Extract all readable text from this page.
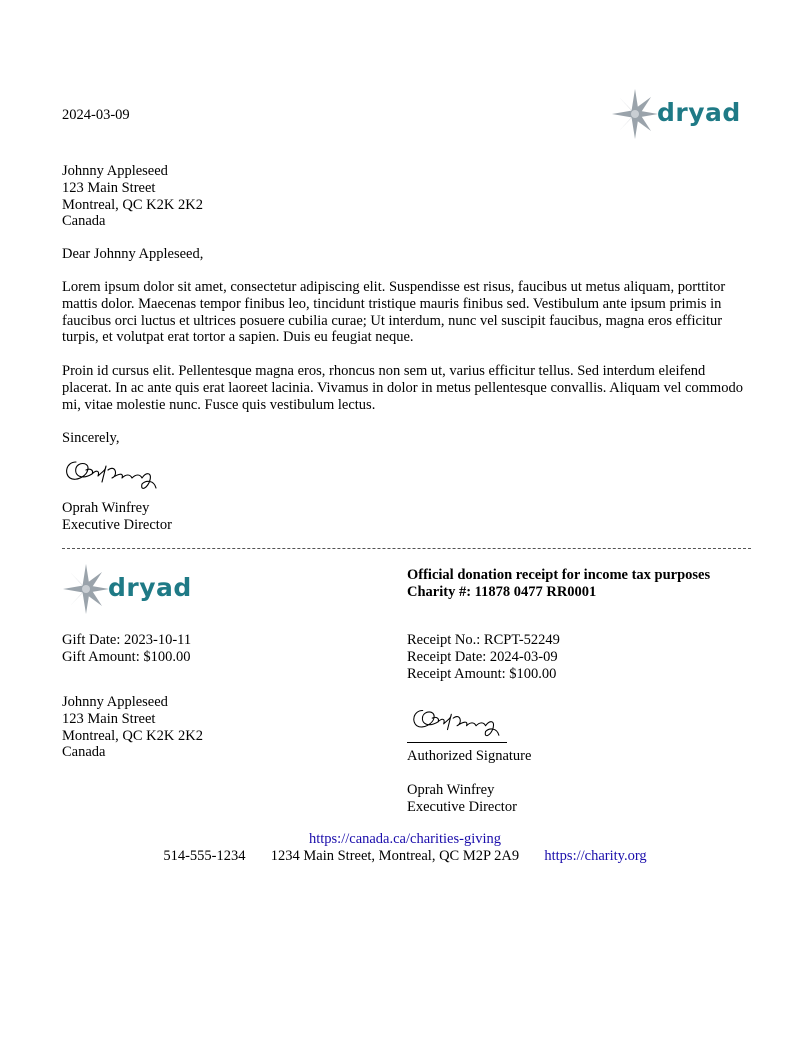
2024-03-09	dryad
Johnny Appleseed
123 Main Street
Montreal, QC K2K 2K2
Canada
Dear Johnny Appleseed,
Lorem ipsum dolor sit amet, consectetur adipiscing elit. Suspendisse est risus, faucibus ut metus aliquam, porttitor mattis dolor. Maecenas tempor finibus leo, tincidunt tristique mauris finibus sed. Vestibulum ante ipsum primis in faucibus orci luctus et ultrices posuere cubilia curae; Ut interdum, nunc vel suscipit faucibus, magna eros efficitur turpis, et volutpat erat tortor a sapien. Duis eu feugiat neque.
Proin id cursus elit. Pellentesque magna eros, rhoncus non sem ut, varius efficitur tellus. Sed interdum eleifend placerat. In ac ante quis erat laoreet lacinia. Vivamus in dolor in metus pellentesque convallis. Aliquam vel commodo mi, vitae molestie nunc. Fusce quis vestibulum lectus.
Sincerely,
Oprah Winfrey
Executive Director
dryad	Official donation receipt for income tax purposes
Charity #: 11878 0477 RR0001
Gift Date: 2023-10-11
Gift Amount: $100.00
Receipt No.: RCPT-52249
Receipt Date: 2024-03-09
Receipt Amount: $100.00
Johnny Appleseed
123 Main Street
Montreal, QC K2K 2K2
Canada	Authorized Signature
Oprah Winfrey
Executive Director
https://canada.ca/charities-giving
514-555-1234 1234 Main Street, Montreal, QC M2P 2A9 https://charity.org
